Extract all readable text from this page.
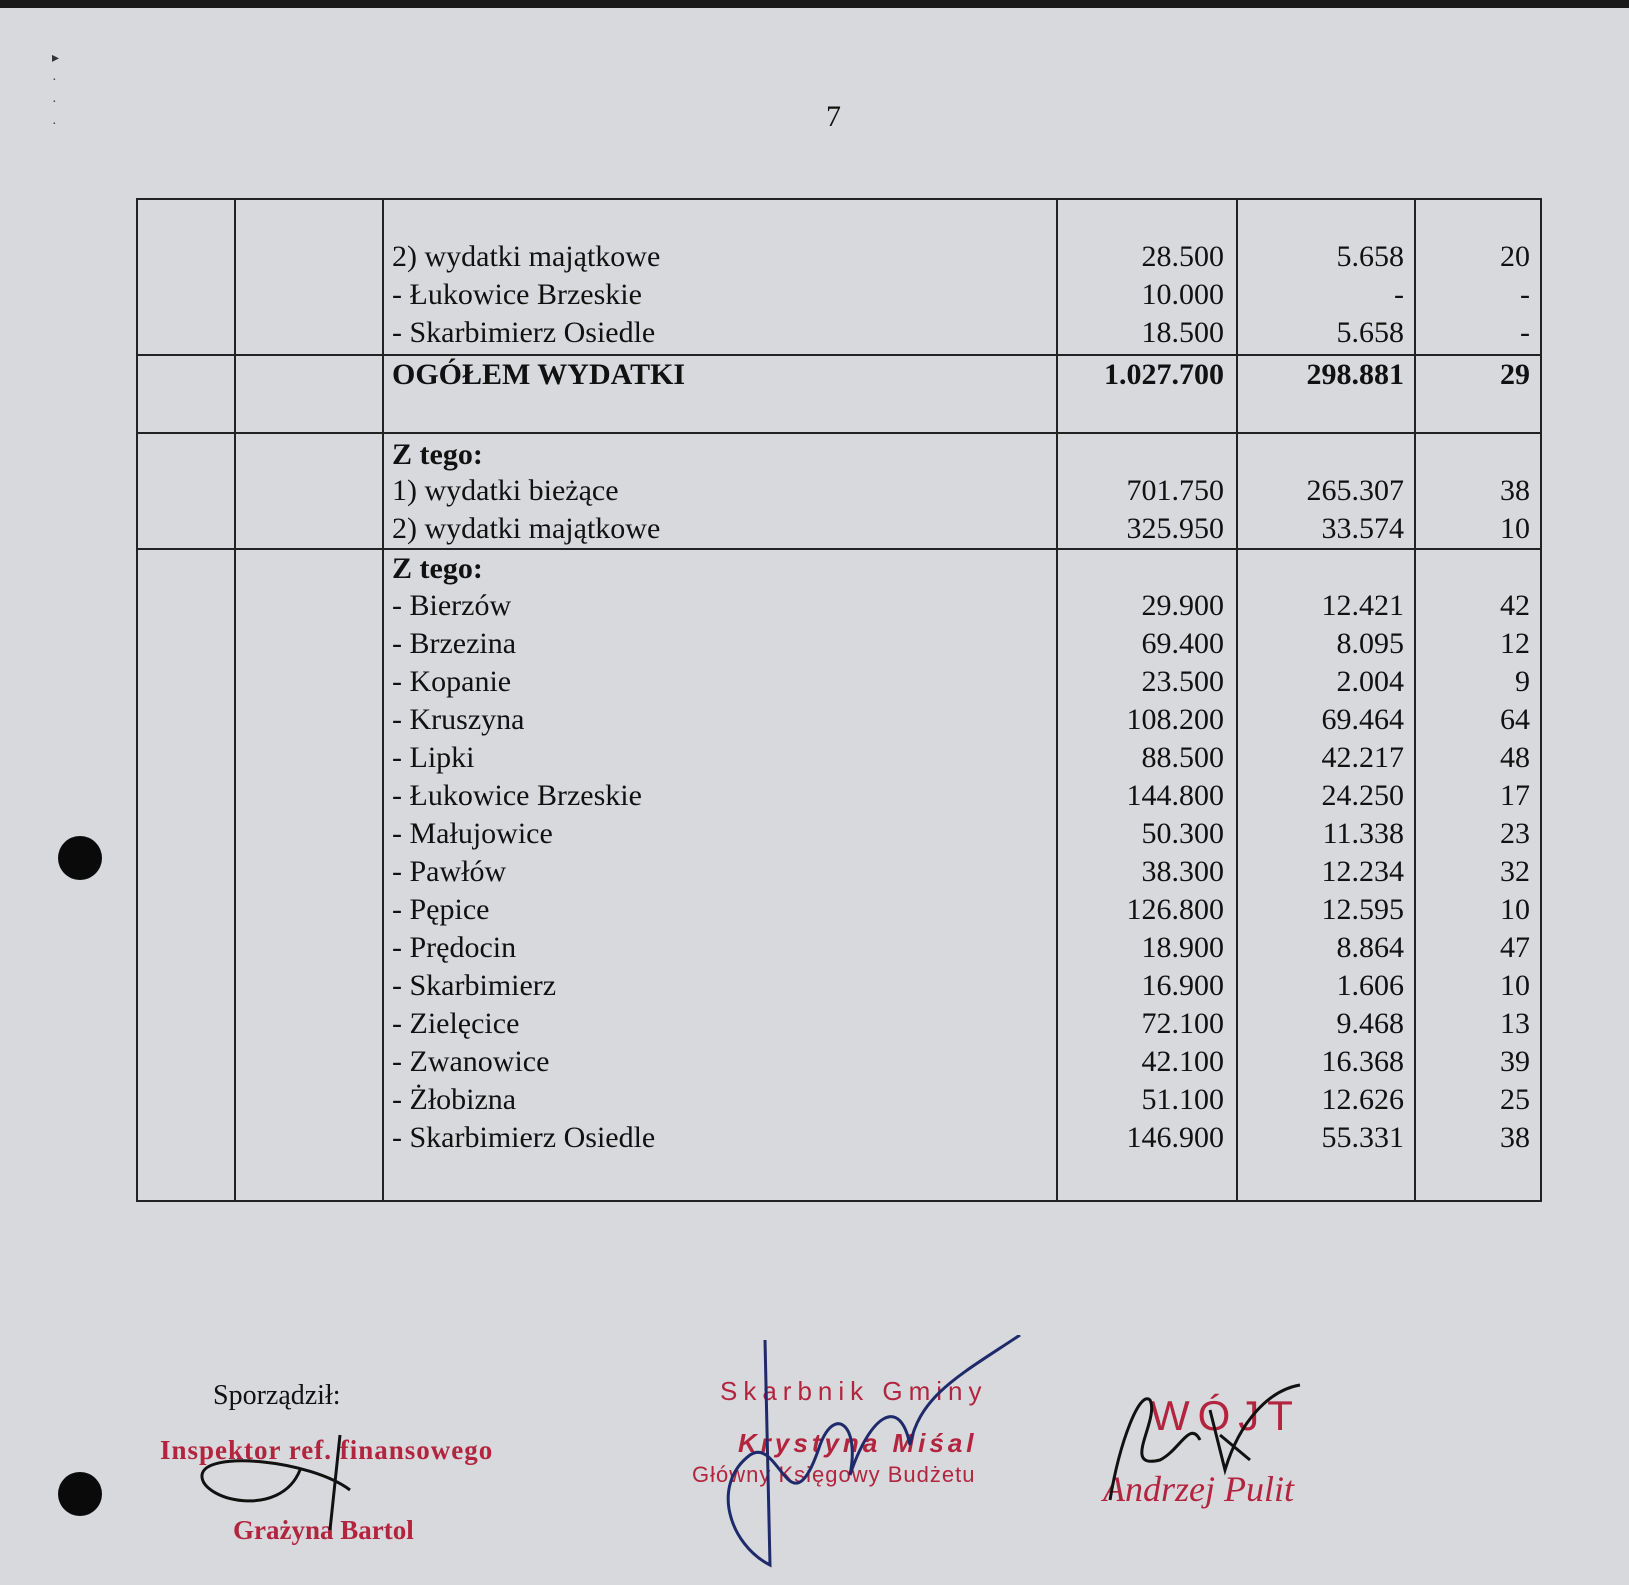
▸
·
·
·	7
2) wydatki majątkowe	28.500	5.658	20
- Łukowice Brzeskie	10.000	-	-
- Skarbimierz Osiedle	18.500	5.658	-
OGÓŁEM WYDATKI	1.027.700	298.881	29
Z tego:
1) wydatki bieżące	701.750	265.307	38
2) wydatki majątkowe	325.950	33.574	10
Z tego:
- Bierzów	29.900	12.421	42
- Brzezina	69.400	8.095	12
- Kopanie	23.500	2.004	9
- Kruszyna	108.200	69.464	64
- Lipki	88.500	42.217	48
- Łukowice Brzeskie	144.800	24.250	17
- Małujowice	50.300	11.338	23
- Pawłów	38.300	12.234	32
- Pępice	126.800	12.595	10
- Prędocin	18.900	8.864	47
- Skarbimierz	16.900	1.606	10
- Zielęcice	72.100	9.468	13
- Zwanowice	42.100	16.368	39
- Żłobizna	51.100	12.626	25
- Skarbimierz Osiedle	146.900	55.331	38
Sporządził:
Inspektor ref. finansowego
Grażyna Bartol
Skarbnik Gminy
Krystyna Miśal
Główny Księgowy Budżetu
WÓJT
Andrzej Pulit
